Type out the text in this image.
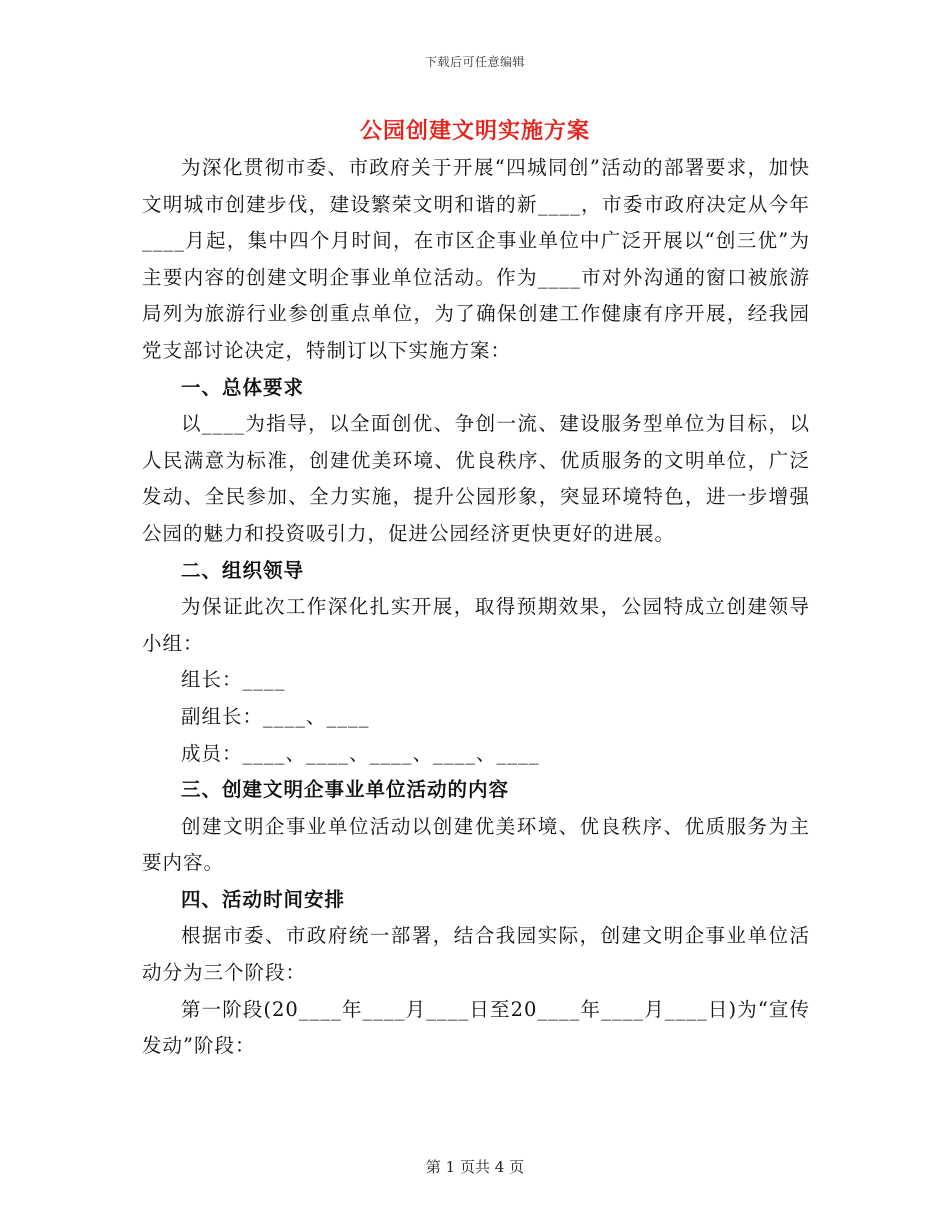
下载后可任意编辑
公园创建文明实施方案

为深化贯彻市委、市政府关于开展“四城同创”活动的部署要求，加快文明城市创建步伐，建设繁荣文明和谐的新____，市委市政府决定从今年____月起，集中四个月时间，在市区企事业单位中广泛开展以“创三优”为主要内容的创建文明企事业单位活动。作为____市对外沟通的窗口被旅游局列为旅游行业参创重点单位，为了确保创建工作健康有序开展，经我园党支部讨论决定，特制订以下实施方案：

一、总体要求

以____为指导，以全面创优、争创一流、建设服务型单位为目标，以人民满意为标准，创建优美环境、优良秩序、优质服务的文明单位，广泛发动、全民参加、全力实施，提升公园形象，突显环境特色，进一步增强公园的魅力和投资吸引力，促进公园经济更快更好的进展。

二、组织领导

为保证此次工作深化扎实开展，取得预期效果，公园特成立创建领导小组：

组长：____

副组长：____、____

成员：____、____、____、____、____

三、创建文明企事业单位活动的内容

创建文明企事业单位活动以创建优美环境、优良秩序、优质服务为主要内容。

四、活动时间安排

根据市委、市政府统一部署，结合我园实际，创建文明企事业单位活动分为三个阶段：

第一阶段(20____年____月____日至20____年____月____日)为“宣传发动”阶段：

第 1 页共 4 页
